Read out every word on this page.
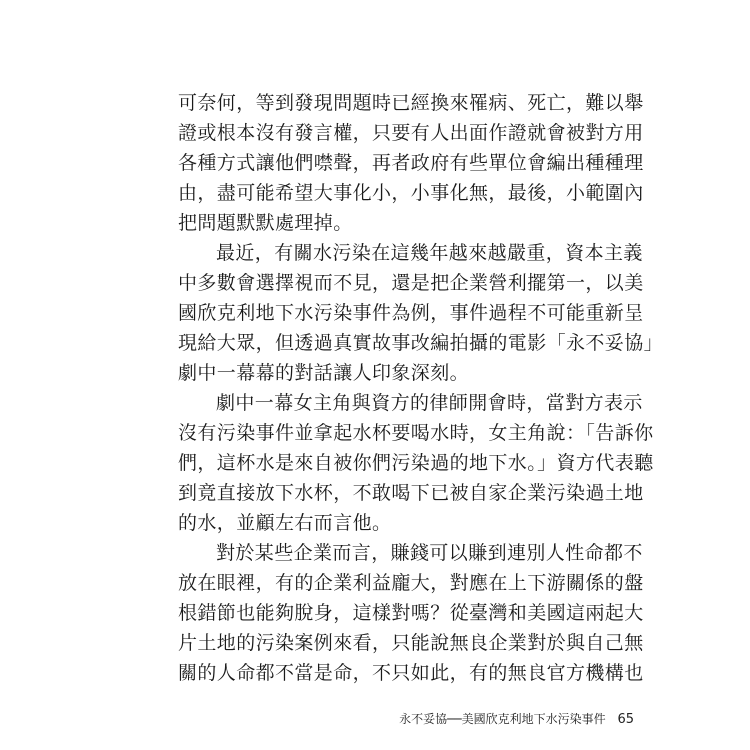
可奈何，等到發現問題時已經換來罹病、死亡，難以舉
證或根本沒有發言權，只要有人出面作證就會被對方用
各種方式讓他們噤聲，再者政府有些單位會編出種種理
由，盡可能希望大事化小，小事化無，最後，小範圍內
把問題默默處理掉。
最近，有關水污染在這幾年越來越嚴重，資本主義
中多數會選擇視而不見，還是把企業營利擺第一，以美
國欣克利地下水污染事件為例，事件過程不可能重新呈
現給大眾，但透過真實故事改編拍攝的電影「永不妥協」
劇中一幕幕的對話讓人印象深刻。
劇中一幕女主角與資方的律師開會時，當對方表示
沒有污染事件並拿起水杯要喝水時，女主角說：「告訴你
們，這杯水是來自被你們污染過的地下水。」資方代表聽
到竟直接放下水杯，不敢喝下已被自家企業污染過土地
的水，並顧左右而言他。
對於某些企業而言，賺錢可以賺到連別人性命都不
放在眼裡，有的企業利益龐大，對應在上下游關係的盤
根錯節也能夠脫身，這樣對嗎？從臺灣和美國這兩起大
片土地的污染案例來看，只能說無良企業對於與自己無
關的人命都不當是命，不只如此，有的無良官方機構也
永不妥協──美國欣克利地下水污染事件 65
